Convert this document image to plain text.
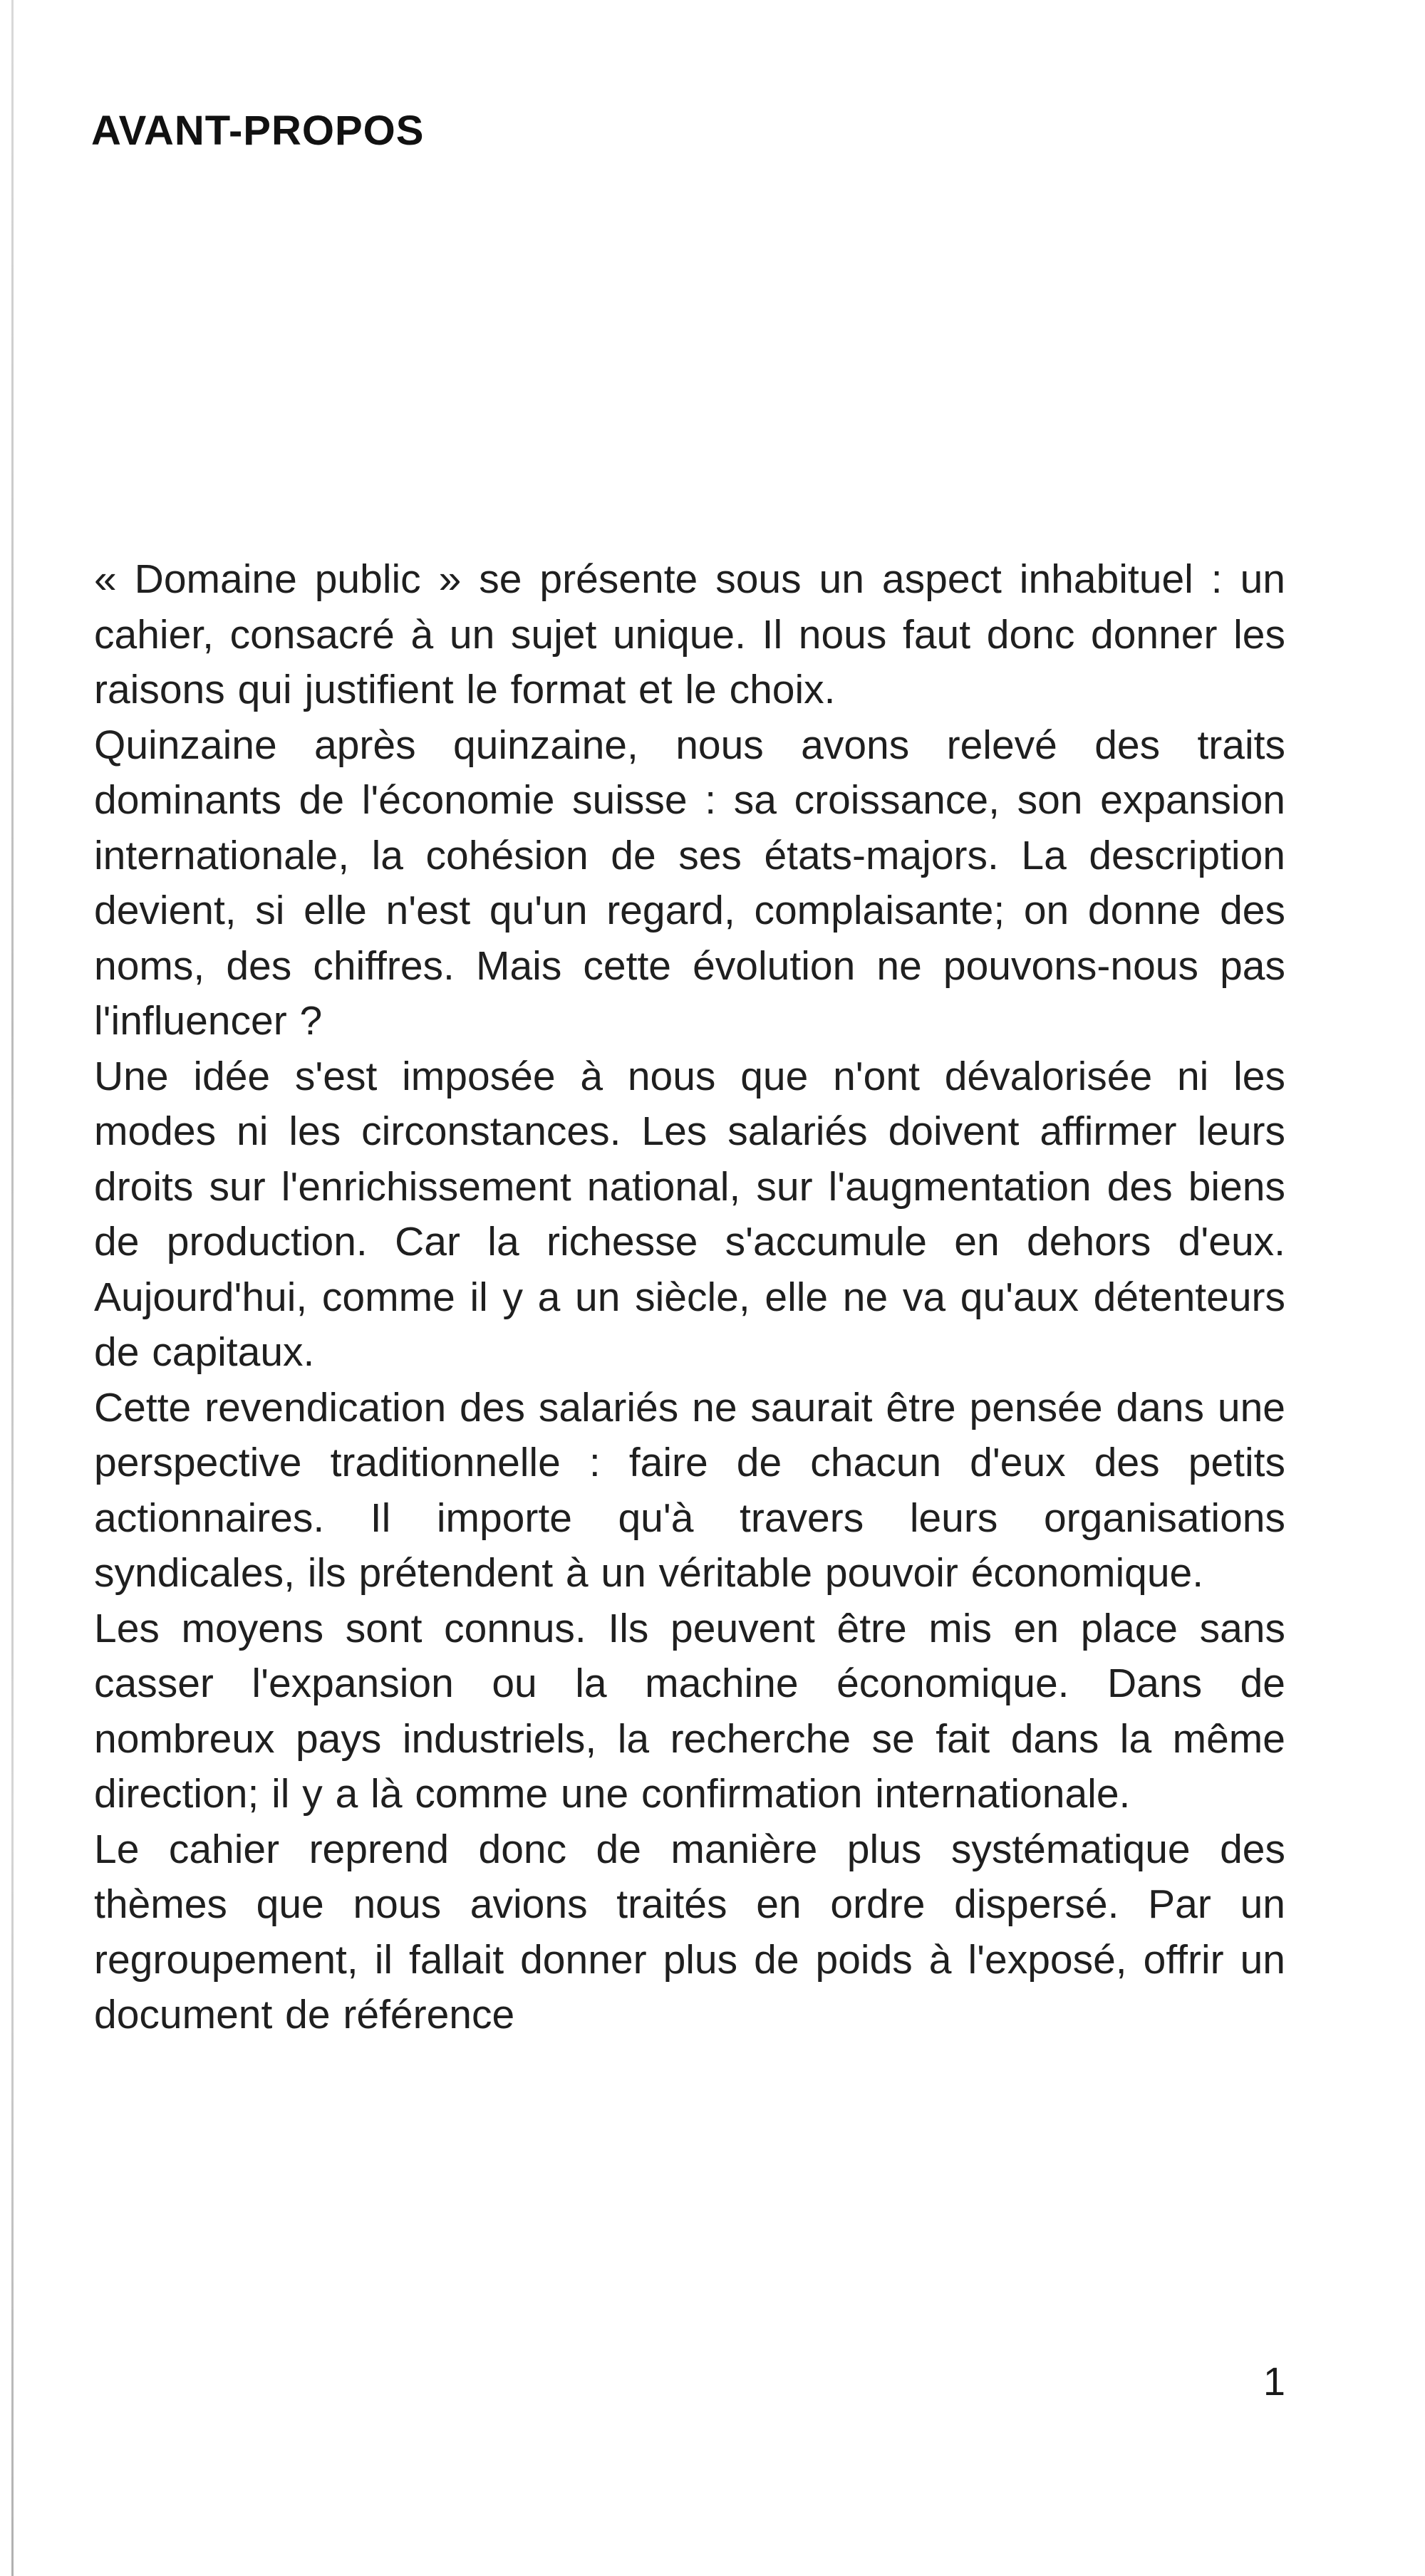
AVANT-PROPOS

« Domaine public » se présente sous un aspect inhabituel : un cahier, consacré à un sujet unique. Il nous faut donc donner les raisons qui justifient le format et le choix.

Quinzaine après quinzaine, nous avons relevé des traits dominants de l'économie suisse : sa croissance, son expansion internationale, la cohésion de ses états-majors. La description devient, si elle n'est qu'un regard, complaisante; on donne des noms, des chiffres. Mais cette évolution ne pouvons-nous pas l'influencer ?

Une idée s'est imposée à nous que n'ont dévalorisée ni les modes ni les circonstances. Les salariés doivent affirmer leurs droits sur l'enrichissement national, sur l'augmentation des biens de production. Car la richesse s'accumule en dehors d'eux. Aujourd'hui, comme il y a un siècle, elle ne va qu'aux détenteurs de capitaux.

Cette revendication des salariés ne saurait être pensée dans une perspective traditionnelle : faire de chacun d'eux des petits actionnaires. Il importe qu'à travers leurs organisations syndicales, ils prétendent à un véritable pouvoir économique.

Les moyens sont connus. Ils peuvent être mis en place sans casser l'expansion ou la machine économique. Dans de nombreux pays industriels, la recherche se fait dans la même direction; il y a là comme une confirmation internationale.

Le cahier reprend donc de manière plus systématique des thèmes que nous avions traités en ordre dispersé. Par un regroupement, il fallait donner plus de poids à l'exposé, offrir un document de référence

1
